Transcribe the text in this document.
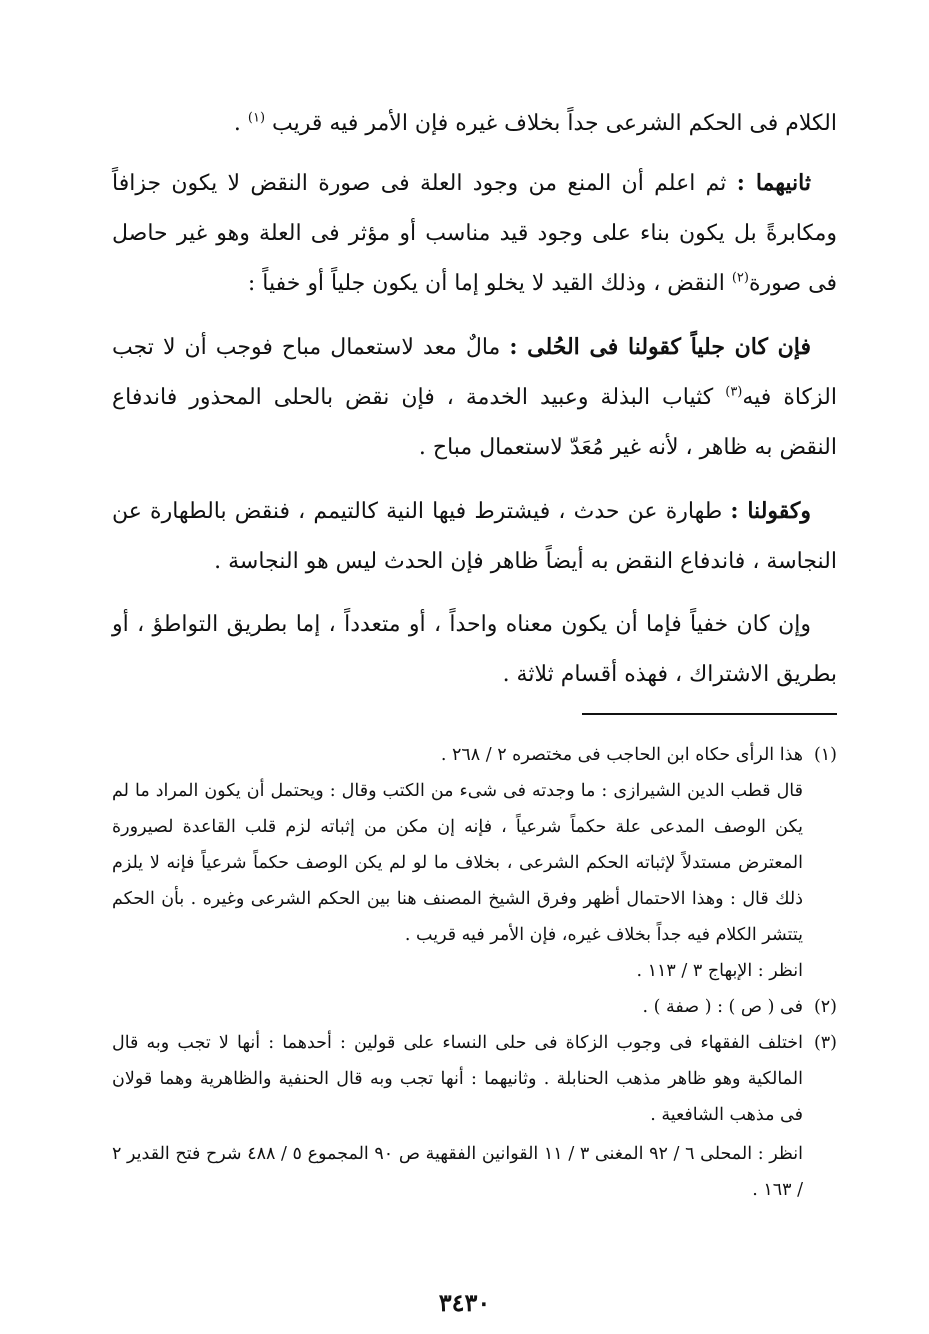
الكلام فى الحكم الشرعى جداً بخلاف غيره فإن الأمر فيه قريب $^{(١)}$ .

ثانيهما : ثم اعلم أن المنع من وجود العلة فى صورة النقض لا يكون جزافاً ومكابرةً بل يكون بناء على وجود قيد مناسب أو مؤثر فى العلة وهو غير حاصل فى صورة$^{(٢)}$ النقض ، وذلك القيد لا يخلو إما أن يكون جلياً أو خفياً :

فإن كان جلياً كقولنا فى الحُلى : مالٌ معد لاستعمال مباح فوجب أن لا تجب الزكاة فيه$^{(٣)}$ كثياب البذلة وعبيد الخدمة ، فإن نقض بالحلى المحذور فاندفاع النقض به ظاهر ، لأنه غير مُعَدّ لاستعمال مباح .

وكقولنا : طهارة عن حدث ، فيشترط فيها النية كالتيمم ، فنقض بالطهارة عن النجاسة ، فاندفاع النقض به أيضاً ظاهر فإن الحدث ليس هو النجاسة .

وإن كان خفياً فإما أن يكون معناه واحداً ، أو متعدداً ، إما بطريق التواطؤ ، أو بطريق الاشتراك ، فهذه أقسام ثلاثة .

(١)

هذا الرأى حكاه ابن الحاجب فى مختصره ٢ / ٢٦٨ .

قال قطب الدين الشيرازى : ما وجدته فى شىء من الكتب وقال : ويحتمل أن يكون المراد ما لم يكن الوصف المدعى علة حكماً شرعياً ، فإنه إن مكن من إثباته لزم قلب القاعدة لصيرورة المعترض مستدلاً لإثباته الحكم الشرعى ، بخلاف ما لو لم يكن الوصف حكماً شرعياً فإنه لا يلزم ذلك قال : وهذا الاحتمال أظهر وفرق الشيخ المصنف هنا بين الحكم الشرعى وغيره . بأن الحكم يتتشر الكلام فيه جداً بخلاف غيره، فإن الأمر فيه قريب .

انظر : الإبهاج ٣ / ١١٣ .

(٢)

فى ( ص ) : ( صفة ) .

(٣)

اختلف الفقهاء فى وجوب الزكاة فى حلى النساء على قولين : أحدهما : أنها لا تجب وبه قال المالكية وهو ظاهر مذهب الحنابلة . وثانيهما : أنها تجب وبه قال الحنفية والظاهرية وهما قولان فى مذهب الشافعية .

انظر : المحلى ٦ / ٩٢ المغنى ٣ / ١١ القوانين الفقهية ص ٩٠ المجموع ٥ / ٤٨٨ شرح فتح القدير ٢ / ١٦٣ .

٣٤٣٠
